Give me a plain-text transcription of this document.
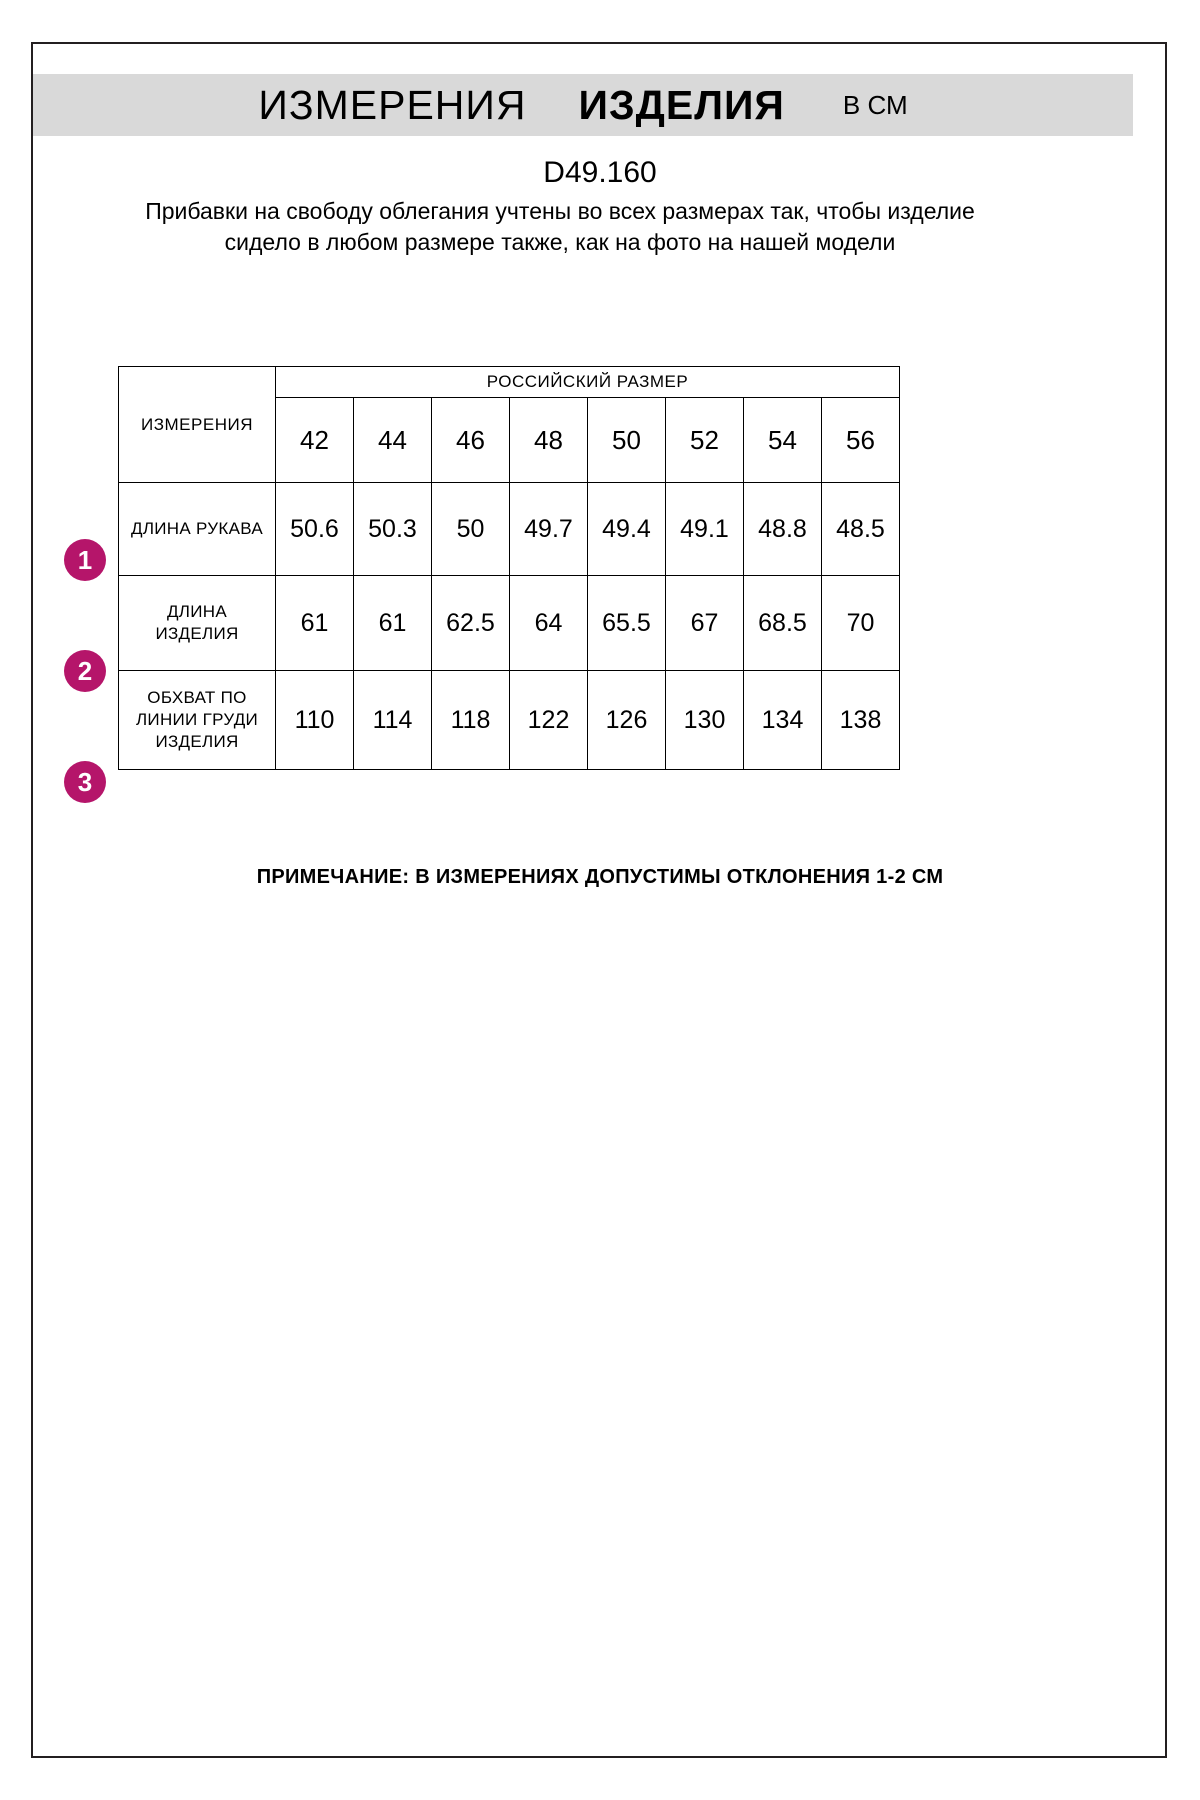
ИЗМЕРЕНИЯ ИЗДЕЛИЯ В СМ
D49.160
Прибавки на свободу облегания учтены во всех размерах так, чтобы изделие сидело в любом размере также, как на фото на нашей модели
ИЗМЕРЕНИЯ	РОССИЙСКИЙ РАЗМЕР							
	42	44	46	48	50	52	54	56
ДЛИНА РУКАВА	50.6	50.3	50	49.7	49.4	49.1	48.8	48.5
ДЛИНА ИЗДЕЛИЯ	61	61	62.5	64	65.5	67	68.5	70
ОБХВАТ ПО ЛИНИИ ГРУДИ ИЗДЕЛИЯ	110	114	118	122	126	130	134	138
1
2
3
ПРИМЕЧАНИЕ: В ИЗМЕРЕНИЯХ ДОПУСТИМЫ ОТКЛОНЕНИЯ 1-2 СМ
